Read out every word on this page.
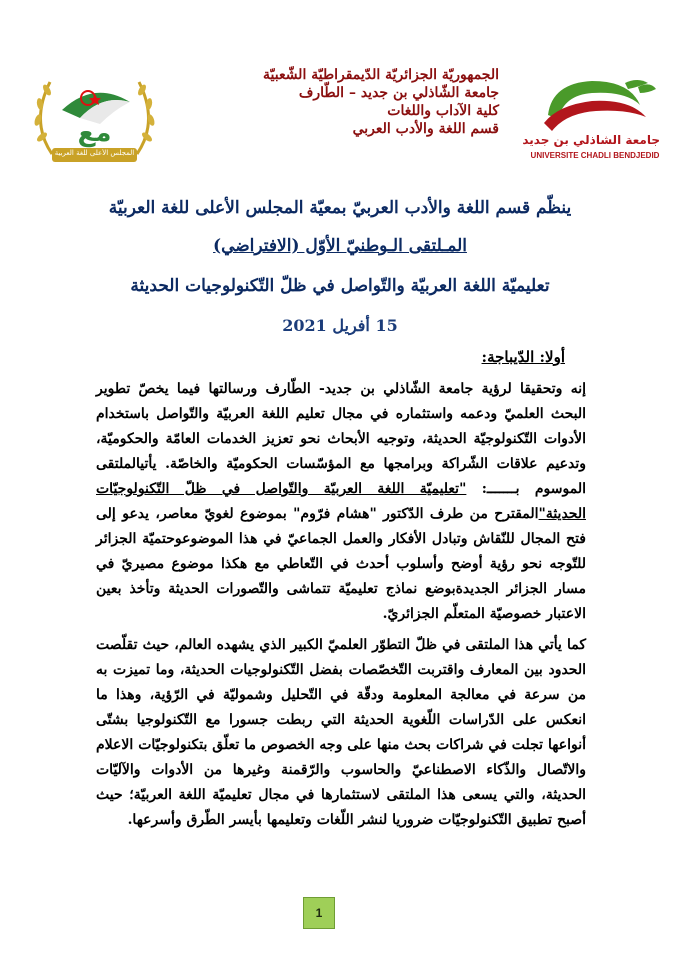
مع
المجلس الأعلى للغة العربية
جامعة الشاذلي بن جديد
UNIVERSITE CHADLI BENDJEDID
الجمهوريّة الجزائريّة الدّيمقراطيّة الشّعبيّة
جامعة الشّاذلي بن جديد – الطّارف
كلية الآداب واللغات
قسم اللغة والأدب العربي
ينظّم قسم اللغة والأدب العربيّ بمعيّة المجلس الأعلى للغة العربيّة
المـلتقى الـوطنيّ الأوّل (الافتراضي)
تعليميّة اللغة العربيّة والتّواصل في ظلّ التّكنولوجيات الحديثة
15 أفريل 2021
أولا: الدّيباجة:
إنه وتحقيقا لرؤية جامعة الشّاذلي بن جديد- الطّارف ورسالتها فيما يخصّ تطوير البحث العلميّ ودعمه واستثماره في مجال تعليم اللغة العربيّة والتّواصل باستخدام الأدوات التّكنولوجيّة الحديثة، وتوجيه الأبحاث نحو تعزيز الخدمات العامّة والحكوميّة، وتدعيم علاقات الشّراكة وبرامجها مع المؤسّسات الحكوميّة والخاصّة. يأتيالملتقى الموسوم بـــــــ: "تعليميّة اللغة العربيّة والتّواصل في ظلّ التّكنولوجيّات الحديثة"المقترح من طرف الدّكتور "هشام فرّوم" بموضوع لغويّ معاصر، يدعو إلى فتح المجال للنّقاش وتبادل الأفكار والعمل الجماعيّ في هذا الموضوعوحتميّة الجزائر للتّوجه نحو رؤية أوضح وأسلوب أحدث في التّعاطي مع هكذا موضوع مصيريّ في مسار الجزائر الجديدةبوضع نماذج تعليميّة تتماشى والتّصورات الحديثة وتأخذ بعين الاعتبار خصوصيّة المتعلّم الجزائريّ.
كما يأتي هذا الملتقى في ظلّ التطوّر العلميّ الكبير الذي يشهده العالم، حيث تقلّصت الحدود بين المعارف واقتربت التّخصّصات بفضل التّكنولوجيات الحديثة، وما تميزت به من سرعة في معالجة المعلومة ودقّة في التّحليل وشموليّة في الرّؤية، وهذا ما انعكس على الدّراسات اللّغوية الحديثة التي ربطت جسورا مع التّكنولوجيا بشتّى أنواعها تجلت في شراكات بحث منها على وجه الخصوص ما تعلّق بتكنولوجيّات الاعلام والاتّصال والذّكاء الاصطناعيّ والحاسوب والرّقمنة وغيرها من الأدوات والآليّات الحديثة، والتي يسعى هذا الملتقى لاستثمارها في مجال تعليميّة اللغة العربيّة؛ حيث أصبح تطبيق التّكنولوجيّات ضروريا لنشر اللّغات وتعليمها بأيسر الطّرق وأسرعها.
1
